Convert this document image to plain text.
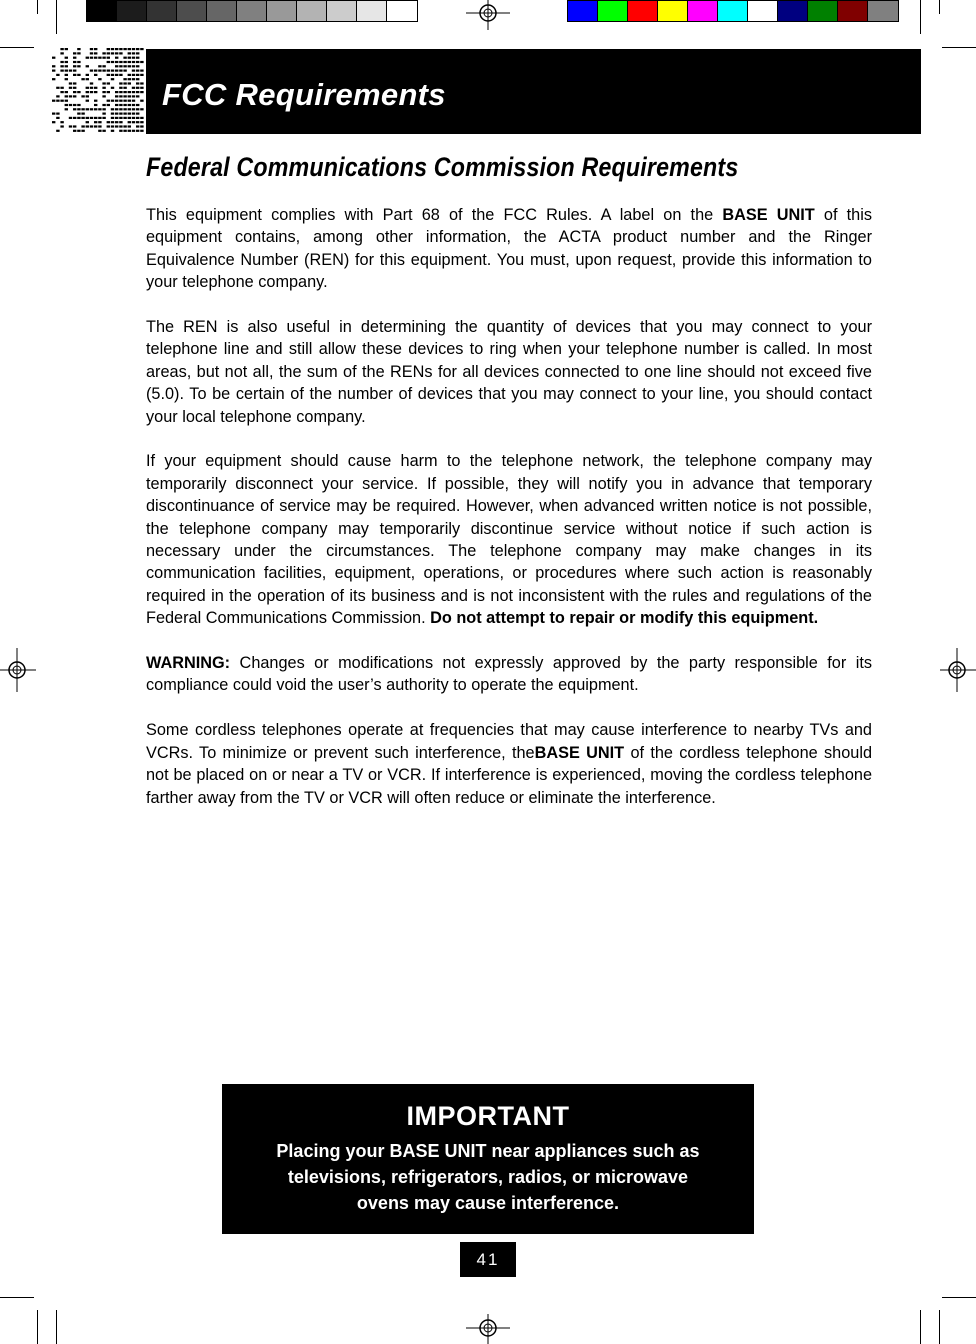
FCC Requirements
Federal Communications Commission Requirements

This equipment complies with Part 68 of the FCC Rules. A label on the BASE UNIT of this equipment contains, among other information, the ACTA product number and the Ringer Equivalence Number (REN) for this equipment. You must, upon request, provide this information to your telephone company.

The REN is also useful in determining the quantity of devices that you may connect to your telephone line and still allow these devices to ring when your telephone number is called. In most areas, but not all, the sum of the RENs for all devices connected to one line should not exceed five (5.0). To be certain of the number of devices that you may connect to your line, you should contact your local telephone company.

If your equipment should cause harm to the telephone network, the telephone company may temporarily disconnect your service. If possible, they will notify you in advance that temporary discontinuance of service may be required. However, when advanced written notice is not possible, the telephone company may temporarily discontinue service without notice if such action is necessary under the circumstances. The telephone company may make changes in its communication facilities, equipment, operations, or procedures where such action is reasonably required in the operation of its business and is not inconsistent with the rules and regulations of the Federal Communications Commission. Do not attempt to repair or modify this equipment.

WARNING: Changes or modifications not expressly approved by the party responsible for its compliance could void the user’s authority to operate the equipment.

Some cordless telephones operate at frequencies that may cause interference to nearby TVs and VCRs. To minimize or prevent such interference, theBASE UNIT of the cordless telephone should not be placed on or near a TV or VCR. If interference is experienced, moving the cordless telephone farther away from the TV or VCR will often reduce or eliminate the interference.

IMPORTANT
Placing your BASE UNIT near appliances such as televisions, refrigerators, radios, or microwave ovens may cause interference.
41
